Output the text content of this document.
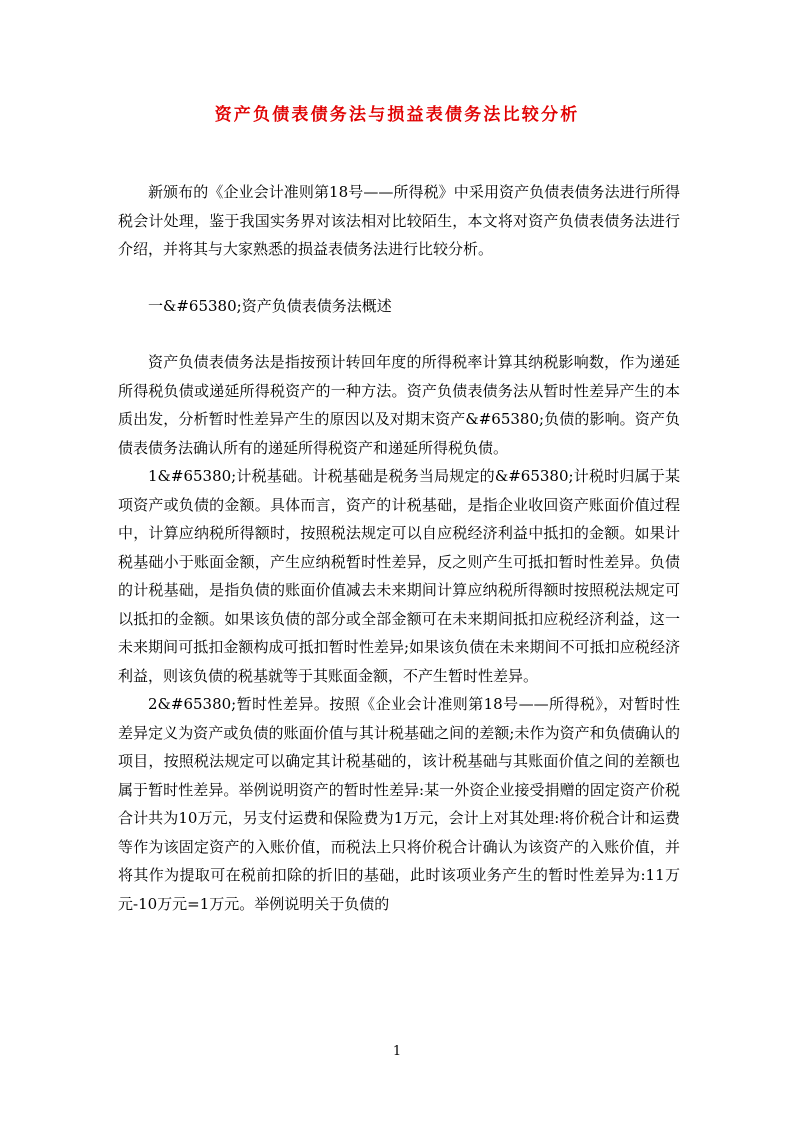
资产负债表债务法与损益表债务法比较分析

新颁布的《企业会计准则第18号——所得税》中采用资产负债表债务法进行所得税会计处理，鉴于我国实务界对该法相对比较陌生，本文将对资产负债表债务法进行介绍，并将其与大家熟悉的损益表债务法进行比较分析。

一&#65380;资产负债表债务法概述

资产负债表债务法是指按预计转回年度的所得税率计算其纳税影响数，作为递延所得税负债或递延所得税资产的一种方法。资产负债表债务法从暂时性差异产生的本质出发，分析暂时性差异产生的原因以及对期末资产&#65380;负债的影响。资产负债表债务法确认所有的递延所得税资产和递延所得税负债。

1&#65380;计税基础。计税基础是税务当局规定的&#65380;计税时归属于某项资产或负债的金额。具体而言，资产的计税基础，是指企业收回资产账面价值过程中，计算应纳税所得额时，按照税法规定可以自应税经济利益中抵扣的金额。如果计税基础小于账面金额，产生应纳税暂时性差异，反之则产生可抵扣暂时性差异。负债的计税基础，是指负债的账面价值减去未来期间计算应纳税所得额时按照税法规定可以抵扣的金额。如果该负债的部分或全部金额可在未来期间抵扣应税经济利益，这一未来期间可抵扣金额构成可抵扣暂时性差异;如果该负债在未来期间不可抵扣应税经济利益，则该负债的税基就等于其账面金额，不产生暂时性差异。

2&#65380;暂时性差异。按照《企业会计准则第18号——所得税》，对暂时性差异定义为资产或负债的账面价值与其计税基础之间的差额;未作为资产和负债确认的项目，按照税法规定可以确定其计税基础的，该计税基础与其账面价值之间的差额也属于暂时性差异。举例说明资产的暂时性差异:某一外资企业接受捐赠的固定资产价税合计共为10万元，另支付运费和保险费为1万元，会计上对其处理:将价税合计和运费等作为该固定资产的入账价值，而税法上只将价税合计确认为该资产的入账价值，并将其作为提取可在税前扣除的折旧的基础，此时该项业务产生的暂时性差异为:11万元-10万元=1万元。举例说明关于负债的

1
